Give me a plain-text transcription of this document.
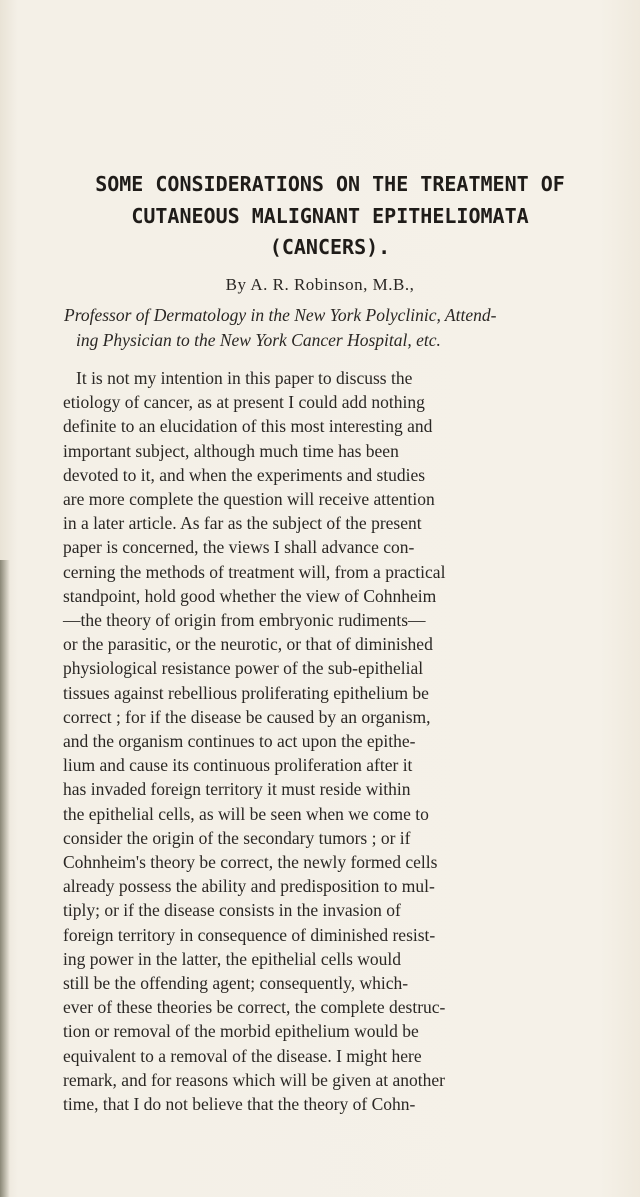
SOME CONSIDERATIONS ON THE TREATMENT OF
CUTANEOUS MALIGNANT EPITHELIOMATA
(CANCERS).
By A. R. Robinson, M.B.,
Professor of Dermatology in the New York Polyclinic, Attend-
ing Physician to the New York Cancer Hospital, etc.
It is not my intention in this paper to discuss the
etiology of cancer, as at present I could add nothing
definite to an elucidation of this most interesting and
important subject, although much time has been
devoted to it, and when the experiments and studies
are more complete the question will receive attention
in a later article. As far as the subject of the present
paper is concerned, the views I shall advance con-
cerning the methods of treatment will, from a practical
standpoint, hold good whether the view of Cohnheim
—the theory of origin from embryonic rudiments—
or the parasitic, or the neurotic, or that of diminished
physiological resistance power of the sub-epithelial
tissues against rebellious proliferating epithelium be
correct ; for if the disease be caused by an organism,
and the organism continues to act upon the epithe-
lium and cause its continuous proliferation after it
has invaded foreign territory it must reside within
the epithelial cells, as will be seen when we come to
consider the origin of the secondary tumors ; or if
Cohnheim's theory be correct, the newly formed cells
already possess the ability and predisposition to mul-
tiply; or if the disease consists in the invasion of
foreign territory in consequence of diminished resist-
ing power in the latter, the epithelial cells would
still be the offending agent; consequently, which-
ever of these theories be correct, the complete destruc-
tion or removal of the morbid epithelium would be
equivalent to a removal of the disease. I might here
remark, and for reasons which will be given at another
time, that I do not believe that the theory of Cohn-
